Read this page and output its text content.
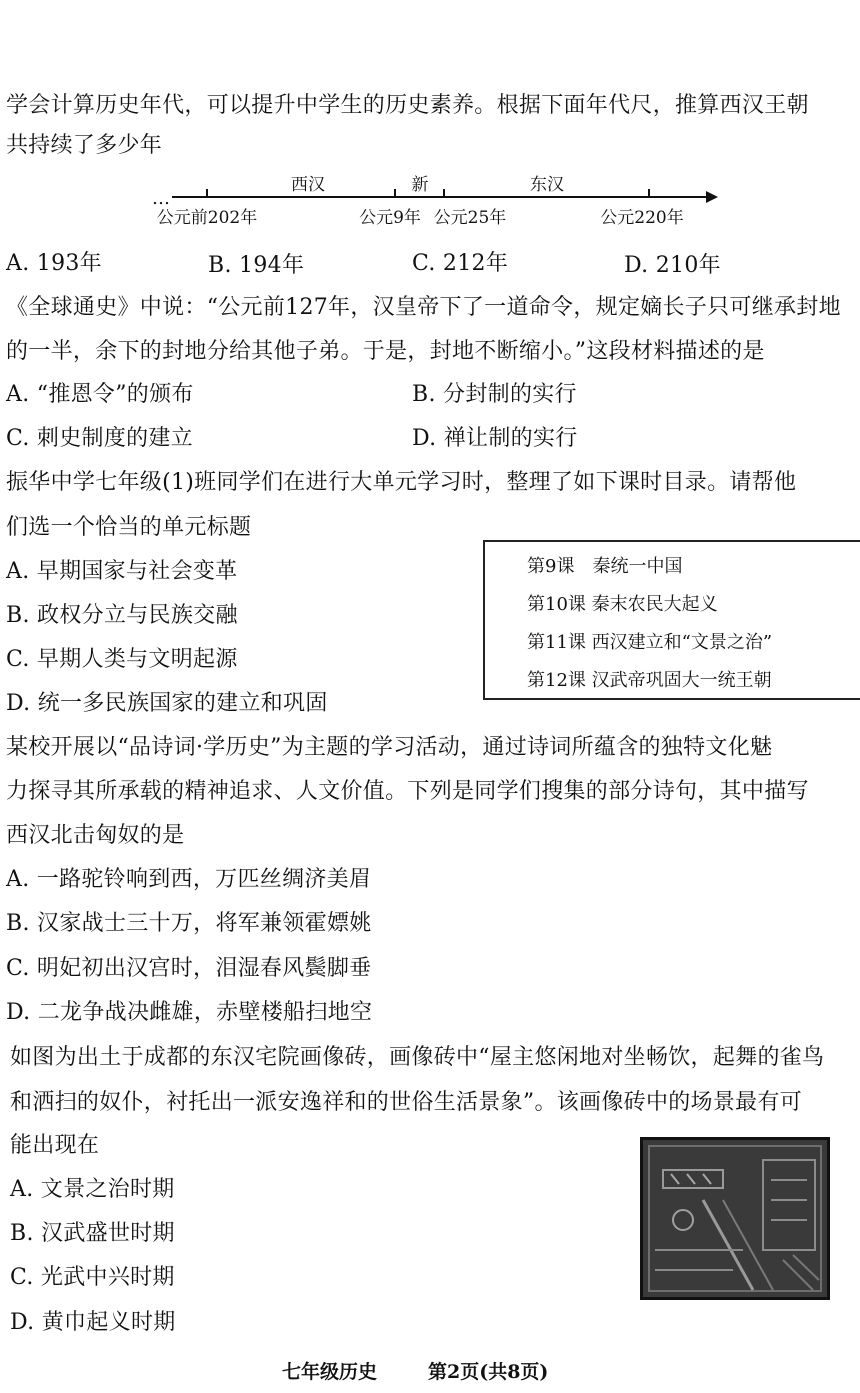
学会计算历史年代，可以提升中学生的历史素养。根据下面年代尺，推算西汉王朝
共持续了多少年
…
西汉	新	东汉
公元前202年	公元9年 公元25年	公元220年
A. 193年	B. 194年	C. 212年	D. 210年
《全球通史》中说：“公元前127年，汉皇帝下了一道命令，规定嫡长子只可继承封地
的一半，余下的封地分给其他子弟。于是，封地不断缩小。”这段材料描述的是
A. “推恩令”的颁布	B. 分封制的实行
C. 刺史制度的建立	D. 禅让制的实行
振华中学七年级(1)班同学们在进行大单元学习时，整理了如下课时目录。请帮他
们选一个恰当的单元标题
A. 早期国家与社会变革
B. 政权分立与民族交融
C. 早期人类与文明起源
D. 统一多民族国家的建立和巩固
第9课　秦统一中国
第10课 秦末农民大起义
第11课 西汉建立和“文景之治”
第12课 汉武帝巩固大一统王朝
某校开展以“品诗词·学历史”为主题的学习活动，通过诗词所蕴含的独特文化魅
力探寻其所承载的精神追求、人文价值。下列是同学们搜集的部分诗句，其中描写
西汉北击匈奴的是
A. 一路驼铃响到西，万匹丝绸济美眉
B. 汉家战士三十万，将军兼领霍嫖姚
C. 明妃初出汉宫时，泪湿春风鬓脚垂
D. 二龙争战决雌雄，赤壁楼船扫地空
如图为出土于成都的东汉宅院画像砖，画像砖中“屋主悠闲地对坐畅饮，起舞的雀鸟
和洒扫的奴仆，衬托出一派安逸祥和的世俗生活景象”。该画像砖中的场景最有可
能出现在
A. 文景之治时期
B. 汉武盛世时期
C. 光武中兴时期
D. 黄巾起义时期
七年级历史	第2页(共8页)
